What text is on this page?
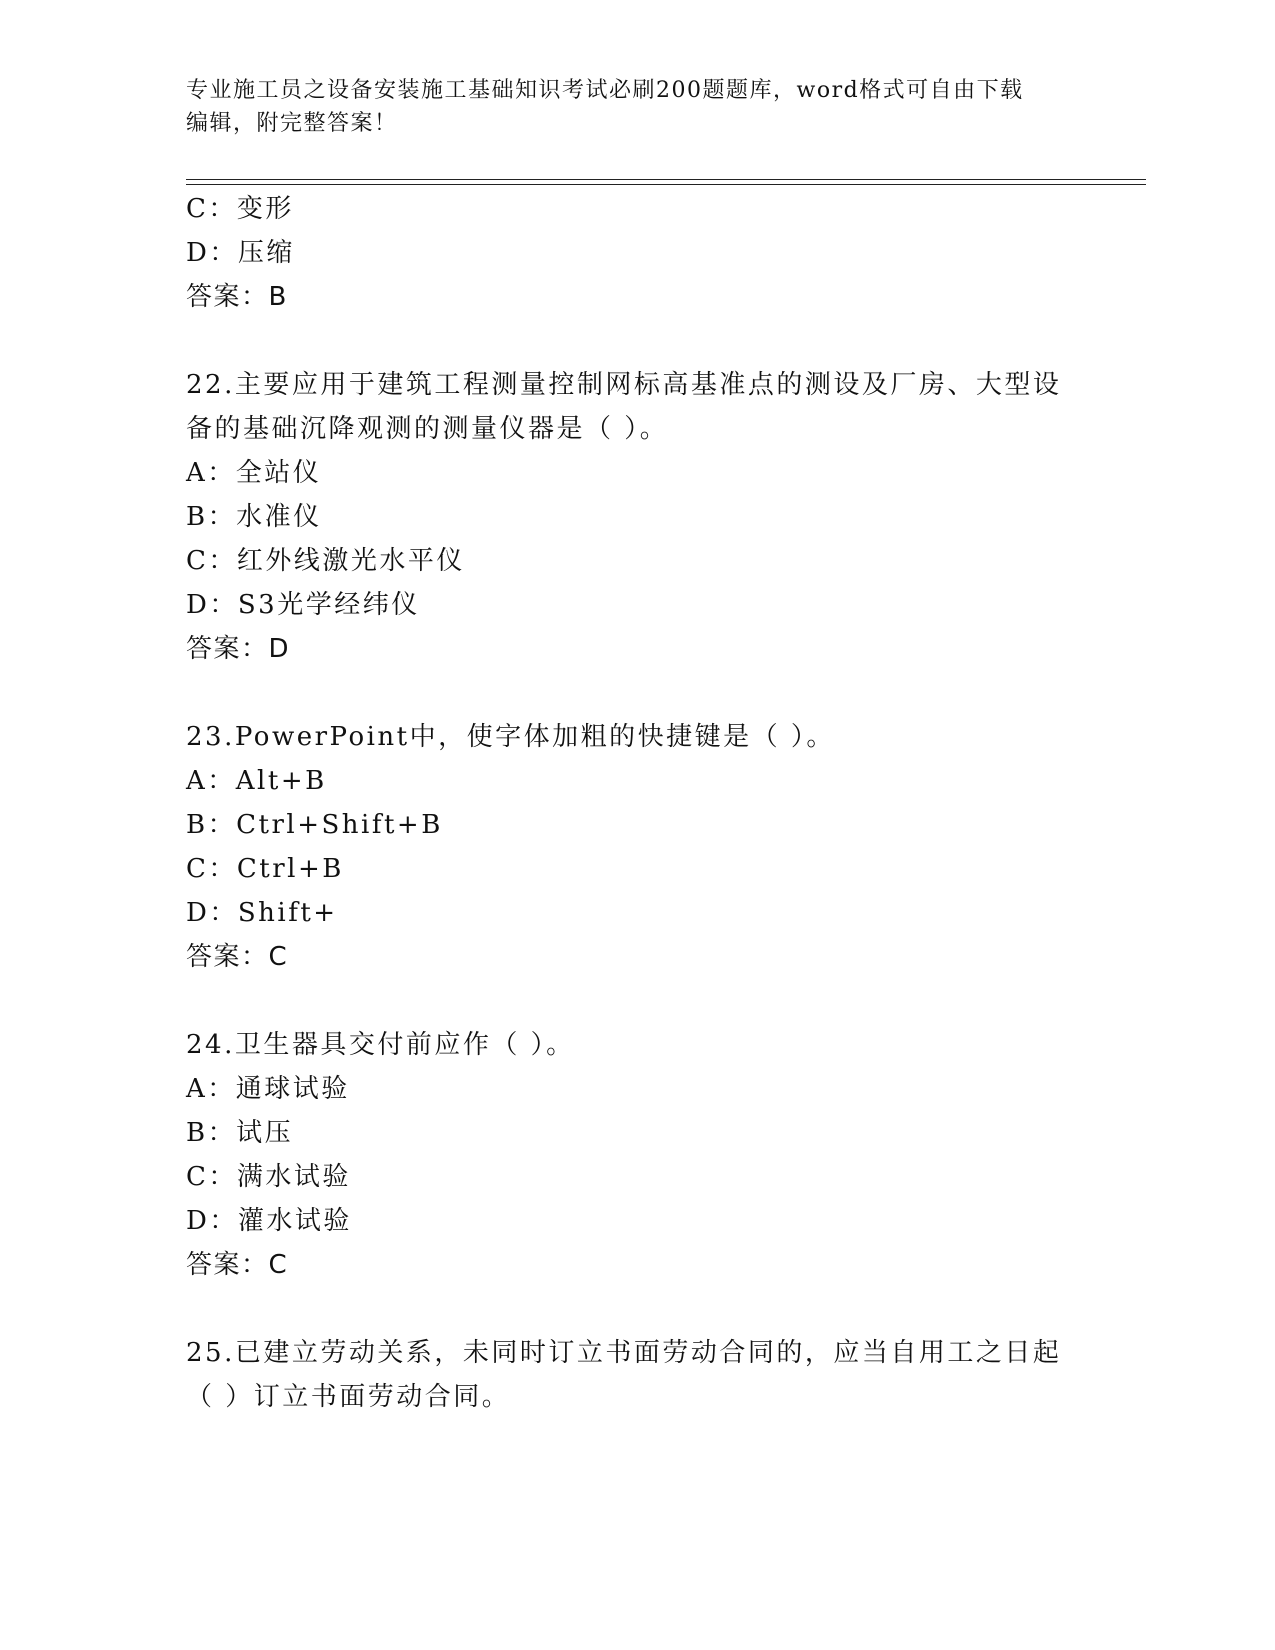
专业施工员之设备安装施工基础知识考试必刷200题题库，word格式可自由下载
编辑，附完整答案！
C：变形
D：压缩
答案：B
22.主要应用于建筑工程测量控制网标高基准点的测设及厂房、大型设
备的基础沉降观测的测量仪器是（ ）。
A：全站仪
B：水准仪
C：红外线激光水平仪
D：S3光学经纬仪
答案：D
23.PowerPoint中，使字体加粗的快捷键是（ ）。
A：Alt+B
B：Ctrl+Shift+B
C：Ctrl+B
D：Shift+
答案：C
24.卫生器具交付前应作（ ）。
A：通球试验
B：试压
C：满水试验
D：灌水试验
答案：C
25.已建立劳动关系，未同时订立书面劳动合同的，应当自用工之日起
（ ）订立书面劳动合同。
